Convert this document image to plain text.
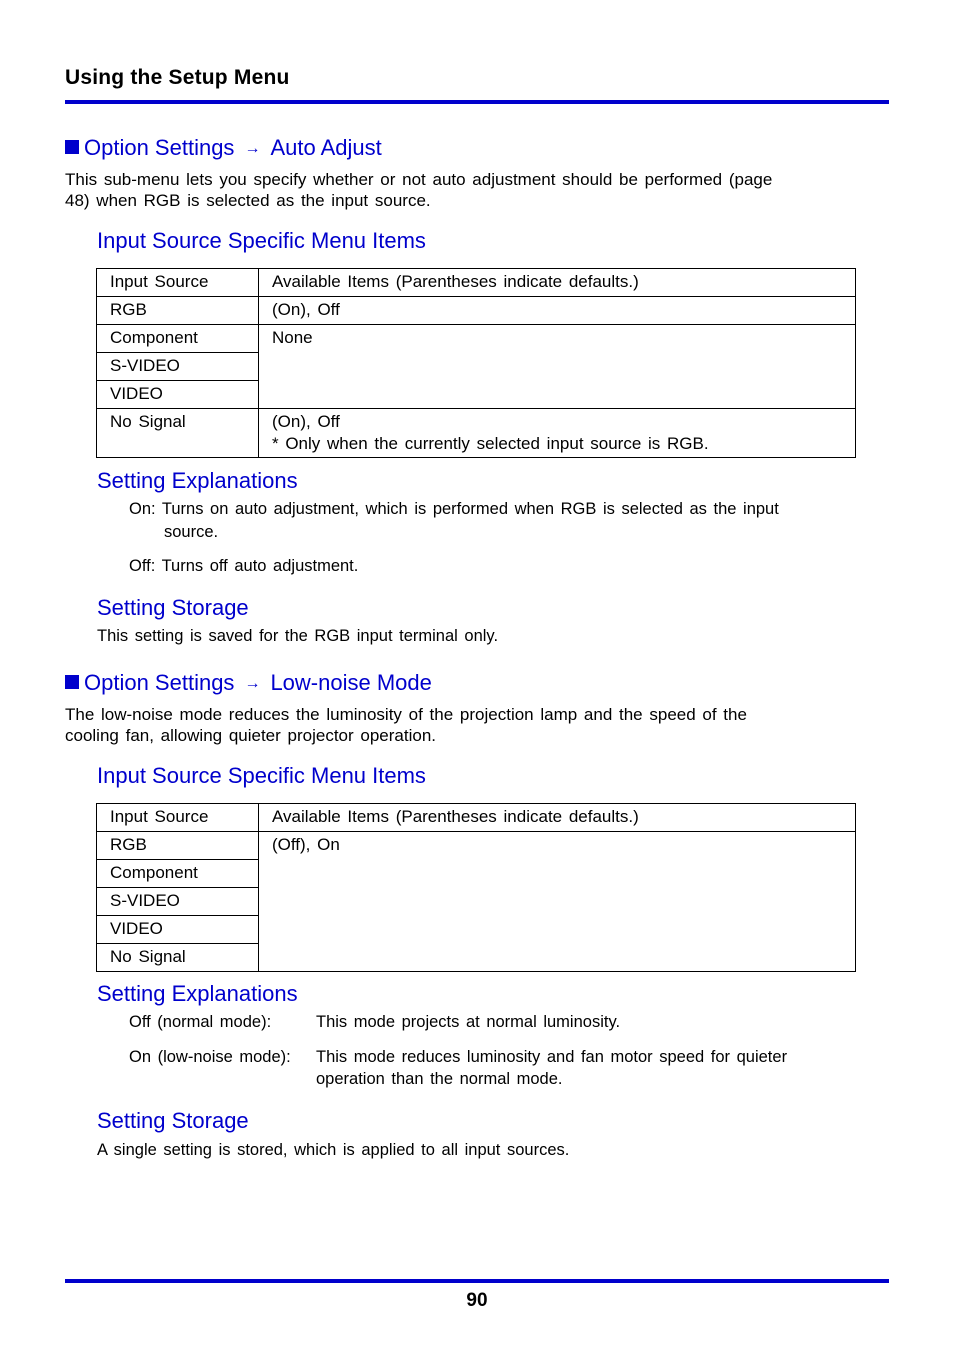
Using the Setup Menu
Option Settings → Auto Adjust
This sub-menu lets you specify whether or not auto adjustment should be performed (page
48) when RGB is selected as the input source.
Input Source Specific Menu Items
Input Source	Available Items (Parentheses indicate defaults.)
RGB	(On), Off
Component	None
S-VIDEO	
VIDEO	
No Signal	(On), Off
* Only when the currently selected input source is RGB.
Setting Explanations
On: Turns on auto adjustment, which is performed when RGB is selected as the input
source.
Off: Turns off auto adjustment.
Setting Storage
This setting is saved for the RGB input terminal only.
Option Settings → Low-noise Mode
The low-noise mode reduces the luminosity of the projection lamp and the speed of the
cooling fan, allowing quieter projector operation.
Input Source Specific Menu Items
Input Source	Available Items (Parentheses indicate defaults.)
RGB	(Off), On
Component	
S-VIDEO	
VIDEO	
No Signal	
Setting Explanations
Off (normal mode):	This mode projects at normal luminosity.
On (low-noise mode): This mode reduces luminosity and fan motor speed for quieter
operation than the normal mode.
Setting Storage
A single setting is stored, which is applied to all input sources.
90
